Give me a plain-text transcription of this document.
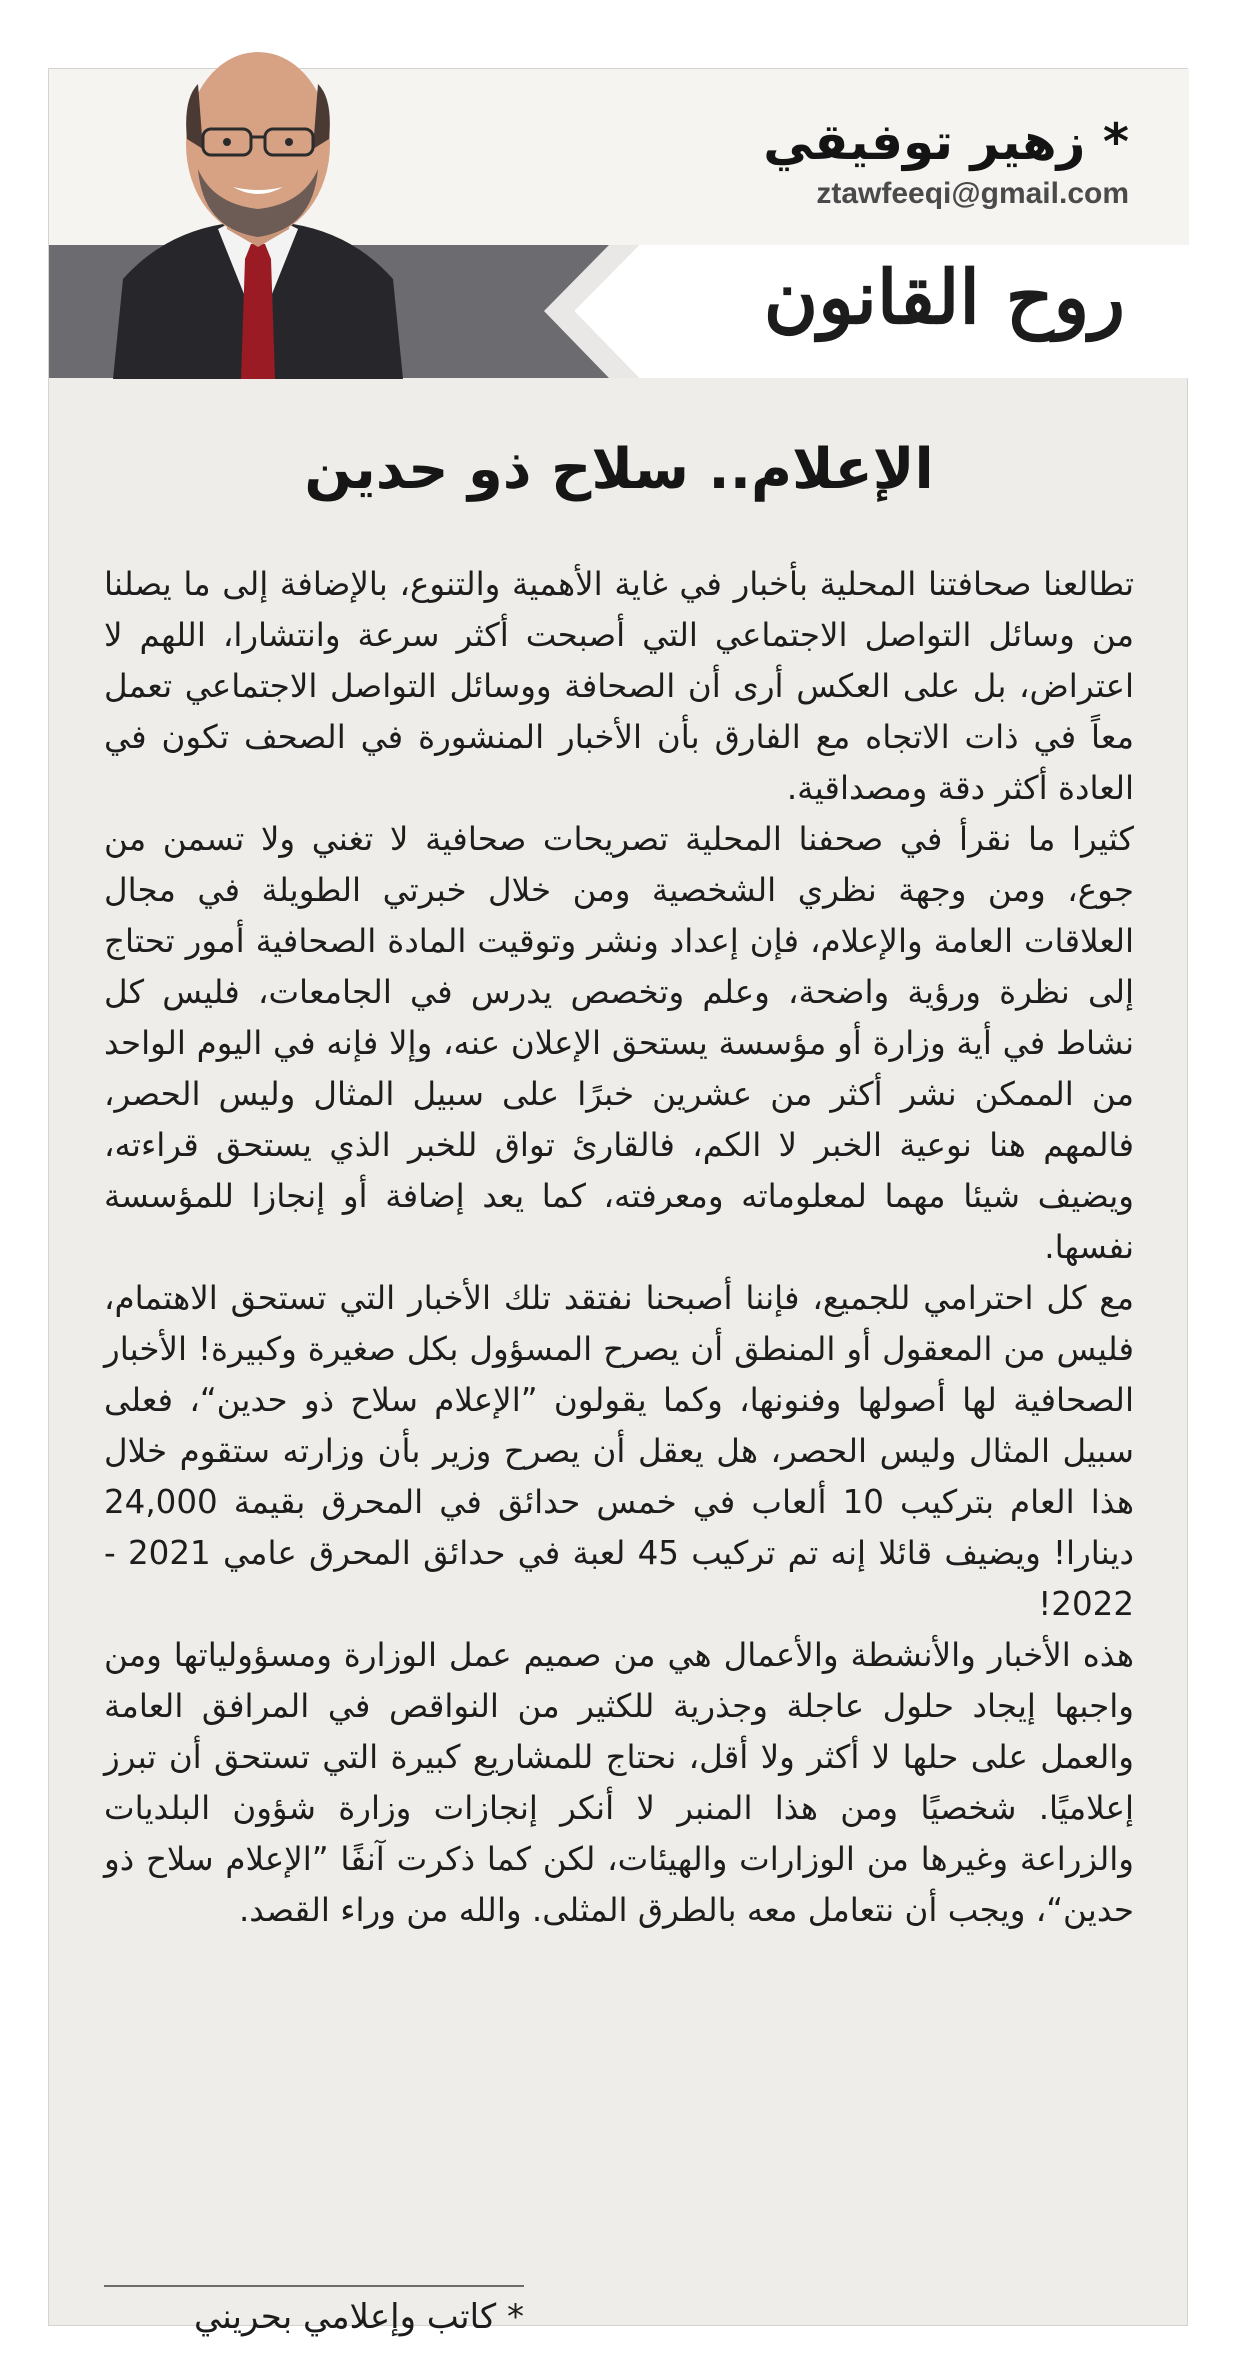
* زهير توفيقي
ztawfeeqi@gmail.com
روح القانون
الإعلام.. سلاح ذو حدين

تطالعنا صحافتنا المحلية بأخبار في غاية الأهمية والتنوع، بالإضافة إلى ما يصلنا من وسائل التواصل الاجتماعي التي أصبحت أكثر سرعة وانتشارا، اللهم لا اعتراض، بل على العكس أرى أن الصحافة ووسائل التواصل الاجتماعي تعمل معاً في ذات الاتجاه مع الفارق بأن الأخبار المنشورة في الصحف تكون في العادة أكثر دقة ومصداقية.

كثيرا ما نقرأ في صحفنا المحلية تصريحات صحافية لا تغني ولا تسمن من جوع، ومن وجهة نظري الشخصية ومن خلال خبرتي الطويلة في مجال العلاقات العامة والإعلام، فإن إعداد ونشر وتوقيت المادة الصحافية أمور تحتاج إلى نظرة ورؤية واضحة، وعلم وتخصص يدرس في الجامعات، فليس كل نشاط في أية وزارة أو مؤسسة يستحق الإعلان عنه، وإلا فإنه في اليوم الواحد من الممكن نشر أكثر من عشرين خبرًا على سبيل المثال وليس الحصر، فالمهم هنا نوعية الخبر لا الكم، فالقارئ تواق للخبر الذي يستحق قراءته، ويضيف شيئا مهما لمعلوماته ومعرفته، كما يعد إضافة أو إنجازا للمؤسسة نفسها.

مع كل احترامي للجميع، فإننا أصبحنا نفتقد تلك الأخبار التي تستحق الاهتمام، فليس من المعقول أو المنطق أن يصرح المسؤول بكل صغيرة وكبيرة! الأخبار الصحافية لها أصولها وفنونها، وكما يقولون ”الإعلام سلاح ذو حدين“، فعلى سبيل المثال وليس الحصر، هل يعقل أن يصرح وزير بأن وزارته ستقوم خلال هذا العام بتركيب 10 ألعاب في خمس حدائق في المحرق بقيمة 24,000 دينارا! ويضيف قائلا إنه تم تركيب 45 لعبة في حدائق المحرق عامي 2021 - 2022!

هذه الأخبار والأنشطة والأعمال هي من صميم عمل الوزارة ومسؤولياتها ومن واجبها إيجاد حلول عاجلة وجذرية للكثير من النواقص في المرافق العامة والعمل على حلها لا أكثر ولا أقل، نحتاج للمشاريع كبيرة التي تستحق أن تبرز إعلاميًا. شخصيًا ومن هذا المنبر لا أنكر إنجازات وزارة شؤون البلديات والزراعة وغيرها من الوزارات والهيئات، لكن كما ذكرت آنفًا ”الإعلام سلاح ذو حدين“، ويجب أن نتعامل معه بالطرق المثلى. والله من وراء القصد.

* كاتب وإعلامي بحريني
